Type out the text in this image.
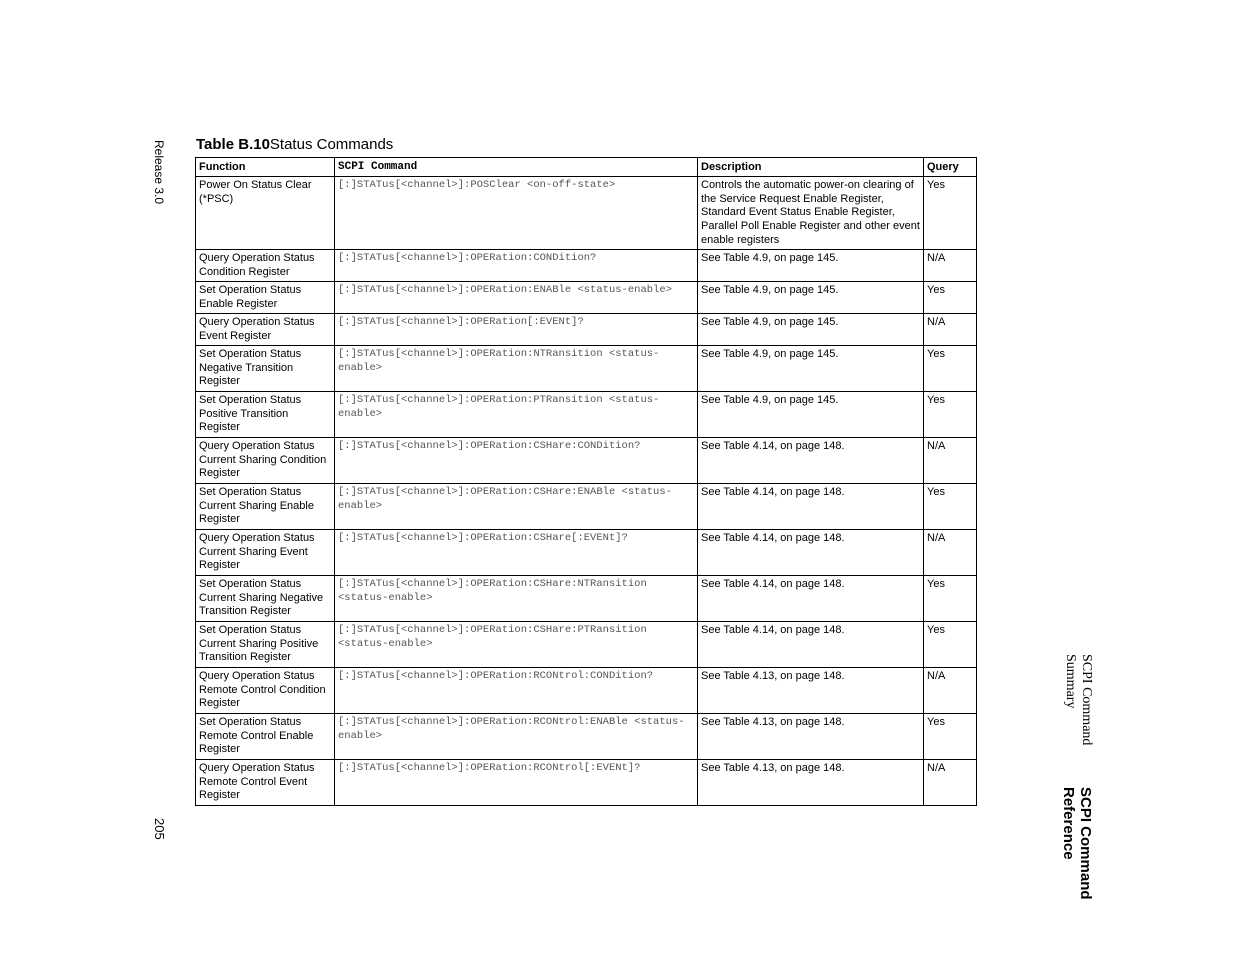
Release 3.0
205	SCPI Command Reference
SCPI Command Summary
Table B.10Status Commands
Function	SCPI Command	Description	Query
Power On Status Clear (*PSC)	[:]STATus[<channel>]:POSClear <on-off-state>	Controls the automatic power-on clearing of the Service Request Enable Register, Standard Event Status Enable Register, Parallel Poll Enable Register and other event enable registers	Yes
Query Operation Status Condition Register	[:]STATus[<channel>]:OPERation:CONDition?	See Table 4.9, on page 145.	N/A
Set Operation Status Enable Register	[:]STATus[<channel>]:OPERation:ENABle <status-enable>	See Table 4.9, on page 145.	Yes
Query Operation Status Event Register	[:]STATus[<channel>]:OPERation[:EVENt]?	See Table 4.9, on page 145.	N/A
Set Operation Status Negative Transition Register	[:]STATus[<channel>]:OPERation:NTRansition <status-enable>	See Table 4.9, on page 145.	Yes
Set Operation Status Positive Transition Register	[:]STATus[<channel>]:OPERation:PTRansition <status-enable>	See Table 4.9, on page 145.	Yes
Query Operation Status Current Sharing Condition Register	[:]STATus[<channel>]:OPERation:CSHare:CONDition?	See Table 4.14, on page 148.	N/A
Set Operation Status Current Sharing Enable Register	[:]STATus[<channel>]:OPERation:CSHare:ENABle <status-enable>	See Table 4.14, on page 148.	Yes
Query Operation Status Current Sharing Event Register	[:]STATus[<channel>]:OPERation:CSHare[:EVENt]?	See Table 4.14, on page 148.	N/A
Set Operation Status Current Sharing Negative Transition Register	[:]STATus[<channel>]:OPERation:CSHare:NTRansition <status-enable>	See Table 4.14, on page 148.	Yes
Set Operation Status Current Sharing Positive Transition Register	[:]STATus[<channel>]:OPERation:CSHare:PTRansition <status-enable>	See Table 4.14, on page 148.	Yes
Query Operation Status Remote Control Condition Register	[:]STATus[<channel>]:OPERation:RCONtrol:CONDition?	See Table 4.13, on page 148.	N/A
Set Operation Status Remote Control Enable Register	[:]STATus[<channel>]:OPERation:RCONtrol:ENABle <status-enable>	See Table 4.13, on page 148.	Yes
Query Operation Status Remote Control Event Register	[:]STATus[<channel>]:OPERation:RCONtrol[:EVENt]?	See Table 4.13, on page 148.	N/A
